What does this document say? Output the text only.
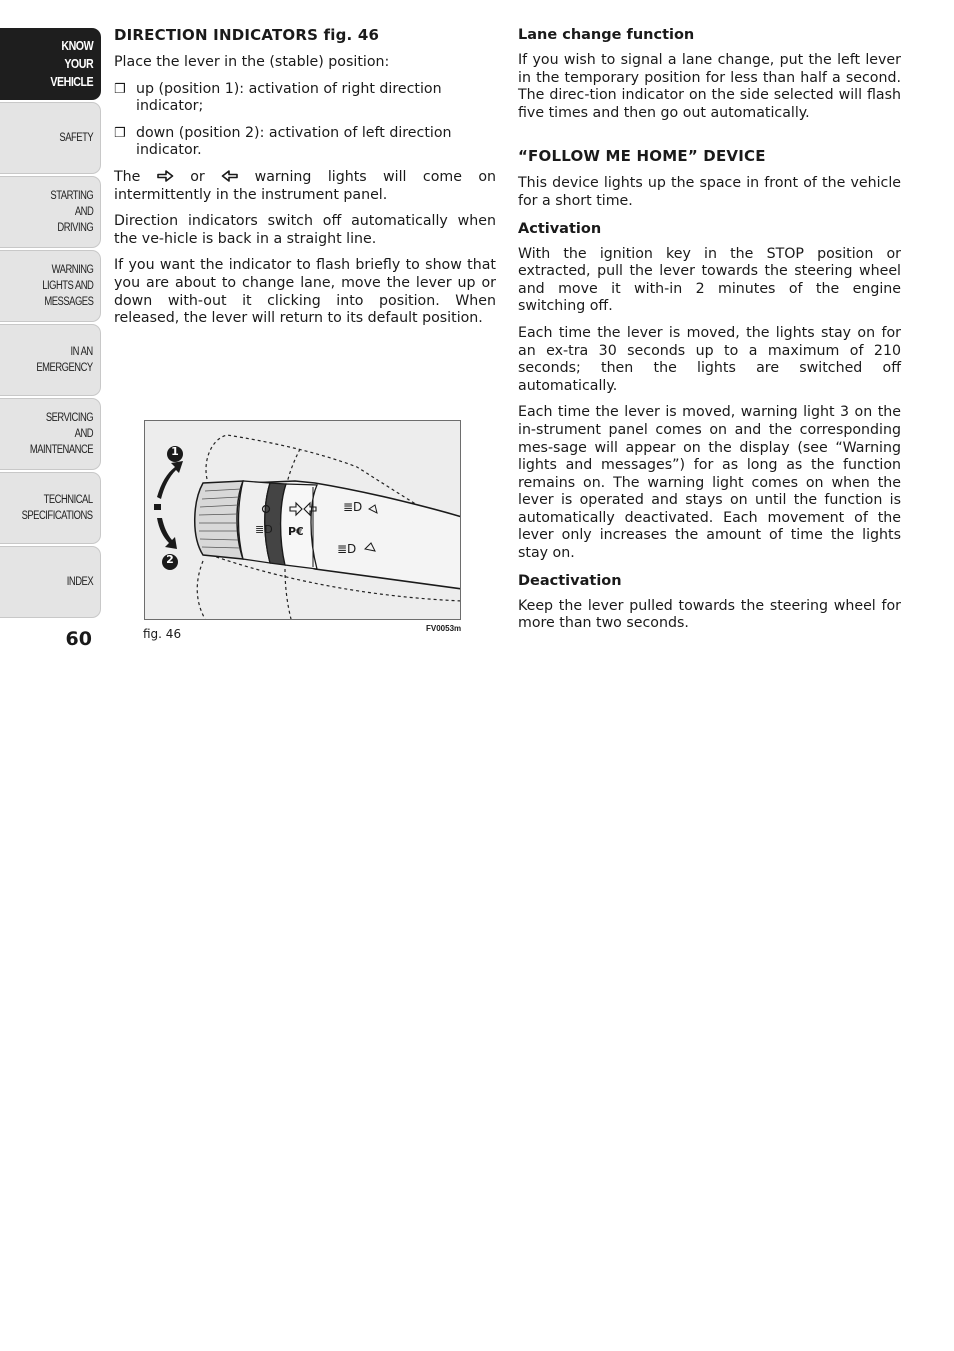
KNOW
YOUR
VEHICLE
SAFETY
STARTING
AND
DRIVING
WARNING
LIGHTS AND
MESSAGES
IN AN
EMERGENCY
SERVICING
AND
MAINTENANCE
TECHNICAL
SPECIFICATIONS
INDEX
60
DIRECTION INDICATORS fig. 46

Place the lever in the (stable) position:

❒ up (position 1): activation of right direction indicator;
❒ down (position 2): activation of left direction indicator.

The	or	warning lights will come on intermittently in the instrument panel.

Direction indicators switch off automatically when the ve-hicle is back in a straight line.

If you want the indicator to flash briefly to show that you are about to change lane, move the lever up or down with-out it clicking into position. When released, the lever will return to its default position.

≣D P€
≣D
≣D
1
2
fig. 46	FV0053m
Lane change function

If you wish to signal a lane change, put the left lever in the temporary position for less than half a second. The direc-tion indicator on the side selected will flash five times and then go out automatically.

“FOLLOW ME HOME” DEVICE

This device lights up the space in front of the vehicle for a short time.

Activation

With the ignition key in the STOP position or extracted, pull the lever towards the steering wheel and move it with-in 2 minutes of the engine switching off.

Each time the lever is moved, the lights stay on for an ex-tra 30 seconds up to a maximum of 210 seconds; then the lights are switched off automatically.

Each time the lever is moved, warning light 3 on the in-strument panel comes on and the corresponding mes-sage will appear on the display (see “Warning lights and messages”) for as long as the function remains on. The warning light comes on when the lever is operated and stays on until the function is automatically deactivated. Each movement of the lever only increases the amount of time the lights stay on.

Deactivation

Keep the lever pulled towards the steering wheel for more than two seconds.
